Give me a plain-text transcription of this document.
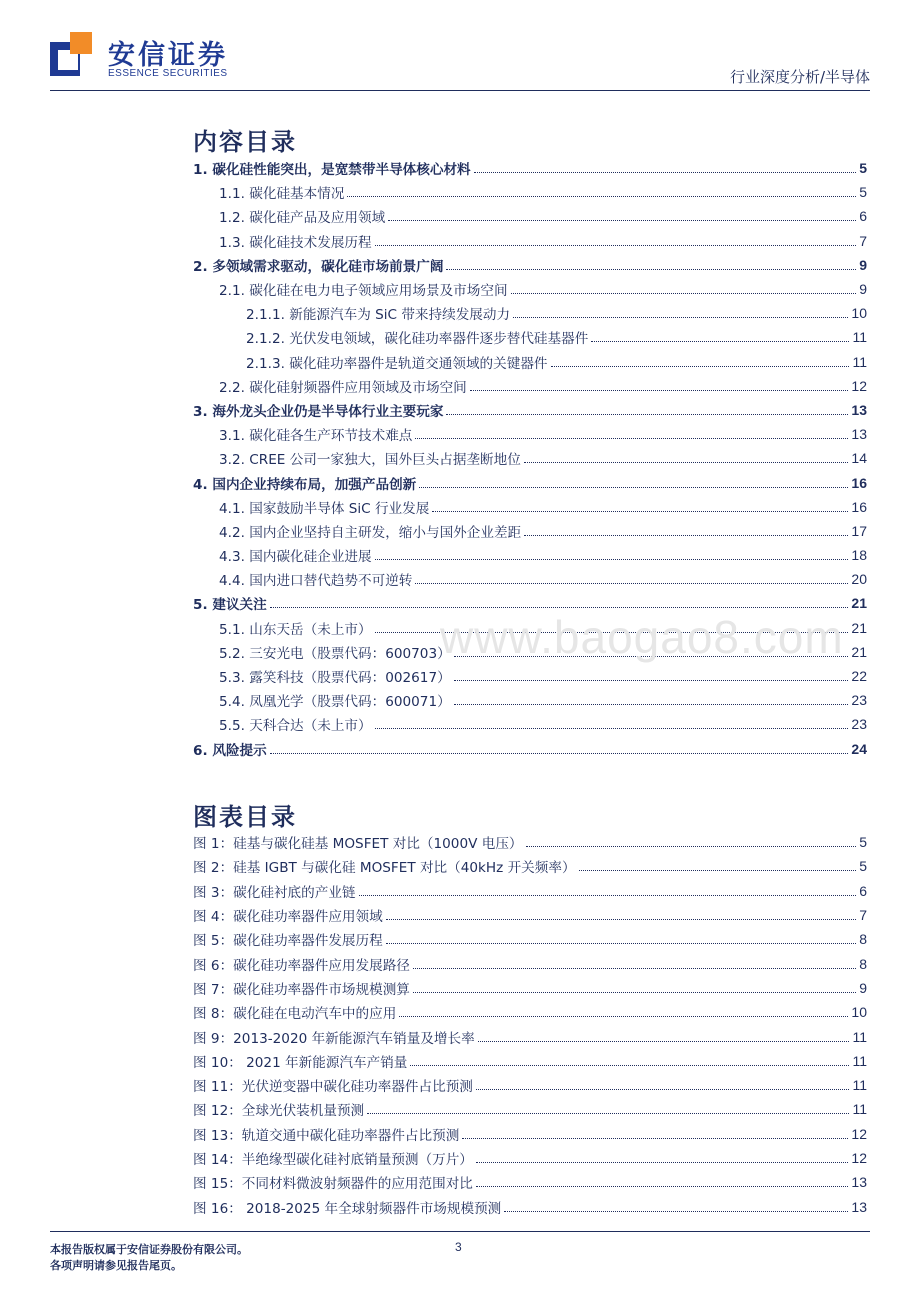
安信证券
ESSENCE SECURITIES	行业深度分析/半导体
内容目录
1. 碳化硅性能突出，是宽禁带半导体核心材料	5
1.1. 碳化硅基本情况	5
1.2. 碳化硅产品及应用领域	6
1.3. 碳化硅技术发展历程	7
2. 多领域需求驱动，碳化硅市场前景广阔	9
2.1. 碳化硅在电力电子领域应用场景及市场空间	9
2.1.1. 新能源汽车为 SiC 带来持续发展动力	10
2.1.2. 光伏发电领域，碳化硅功率器件逐步替代硅基器件	11
2.1.3. 碳化硅功率器件是轨道交通领域的关键器件	11
2.2. 碳化硅射频器件应用领域及市场空间	12
3. 海外龙头企业仍是半导体行业主要玩家	13
3.1. 碳化硅各生产环节技术难点	13
3.2. CREE 公司一家独大，国外巨头占据垄断地位	14
4. 国内企业持续布局，加强产品创新	16
4.1. 国家鼓励半导体 SiC 行业发展	16
4.2. 国内企业坚持自主研发，缩小与国外企业差距	17
4.3. 国内碳化硅企业进展	18
4.4. 国内进口替代趋势不可逆转	20
5. 建议关注	21
5.1. 山东天岳（未上市）	21
5.2. 三安光电（股票代码：600703）	21
5.3. 露笑科技（股票代码：002617）	22
5.4. 凤凰光学（股票代码：600071）	23
5.5. 天科合达（未上市）	23
6. 风险提示	24
www.baogao8.com
图表目录
图 1：硅基与碳化硅基 MOSFET 对比（1000V 电压）	5
图 2：硅基 IGBT 与碳化硅 MOSFET 对比（40kHz 开关频率）	5
图 3：碳化硅衬底的产业链	6
图 4：碳化硅功率器件应用领域	7
图 5：碳化硅功率器件发展历程	8
图 6：碳化硅功率器件应用发展路径	8
图 7：碳化硅功率器件市场规模测算	9
图 8：碳化硅在电动汽车中的应用	10
图 9：2013-2020 年新能源汽车销量及增长率	11
图 10： 2021 年新能源汽车产销量	11
图 11：光伏逆变器中碳化硅功率器件占比预测	11
图 12：全球光伏装机量预测	11
图 13：轨道交通中碳化硅功率器件占比预测	12
图 14：半绝缘型碳化硅衬底销量预测（万片）	12
图 15：不同材料微波射频器件的应用范围对比	13
图 16： 2018-2025 年全球射频器件市场规模预测	13
本报告版权属于安信证券股份有限公司。
各项声明请参见报告尾页。
3
